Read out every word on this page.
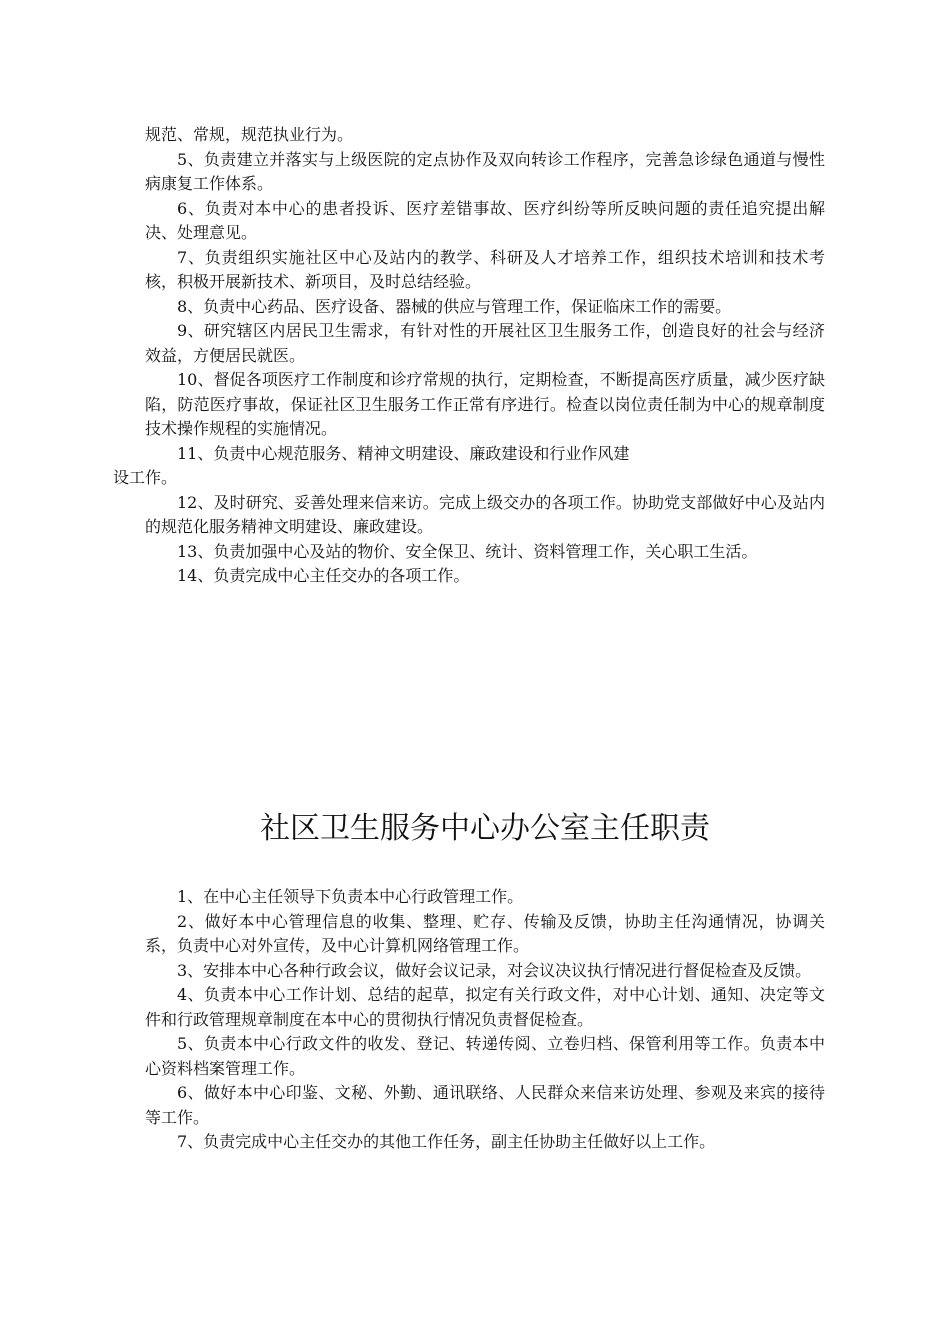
规范、常规，规范执业行为。

5、负责建立并落实与上级医院的定点协作及双向转诊工作程序，完善急诊绿色通道与慢性病康复工作体系。

6、负责对本中心的患者投诉、医疗差错事故、医疗纠纷等所反映问题的责任追究提出解决、处理意见。

7、负责组织实施社区中心及站内的教学、科研及人才培养工作，组织技术培训和技术考核，积极开展新技术、新项目，及时总结经验。

8、负责中心药品、医疗设备、器械的供应与管理工作，保证临床工作的需要。

9、研究辖区内居民卫生需求，有针对性的开展社区卫生服务工作，创造良好的社会与经济效益，方便居民就医。

10、督促各项医疗工作制度和诊疗常规的执行，定期检查，不断提高医疗质量，减少医疗缺陷，防范医疗事故，保证社区卫生服务工作正常有序进行。检查以岗位责任制为中心的规章制度技术操作规程的实施情况。

11、负责中心规范服务、精神文明建设、廉政建设和行业作风建
设工作。

12、及时研究、妥善处理来信来访。完成上级交办的各项工作。协助党支部做好中心及站内的规范化服务精神文明建设、廉政建设。

13、负责加强中心及站的物价、安全保卫、统计、资料管理工作，关心职工生活。

14、负责完成中心主任交办的各项工作。

社区卫生服务中心办公室主任职责

1、在中心主任领导下负责本中心行政管理工作。

2、做好本中心管理信息的收集、整理、贮存、传输及反馈，协助主任沟通情况，协调关系，负责中心对外宣传，及中心计算机网络管理工作。

3、安排本中心各种行政会议，做好会议记录，对会议决议执行情况进行督促检查及反馈。

4、负责本中心工作计划、总结的起草，拟定有关行政文件，对中心计划、通知、决定等文件和行政管理规章制度在本中心的贯彻执行情况负责督促检查。

5、负责本中心行政文件的收发、登记、转递传阅、立卷归档、保管利用等工作。负责本中心资料档案管理工作。

6、做好本中心印鉴、文秘、外勤、通讯联络、人民群众来信来访处理、参观及来宾的接待等工作。

7、负责完成中心主任交办的其他工作任务，副主任协助主任做好以上工作。
